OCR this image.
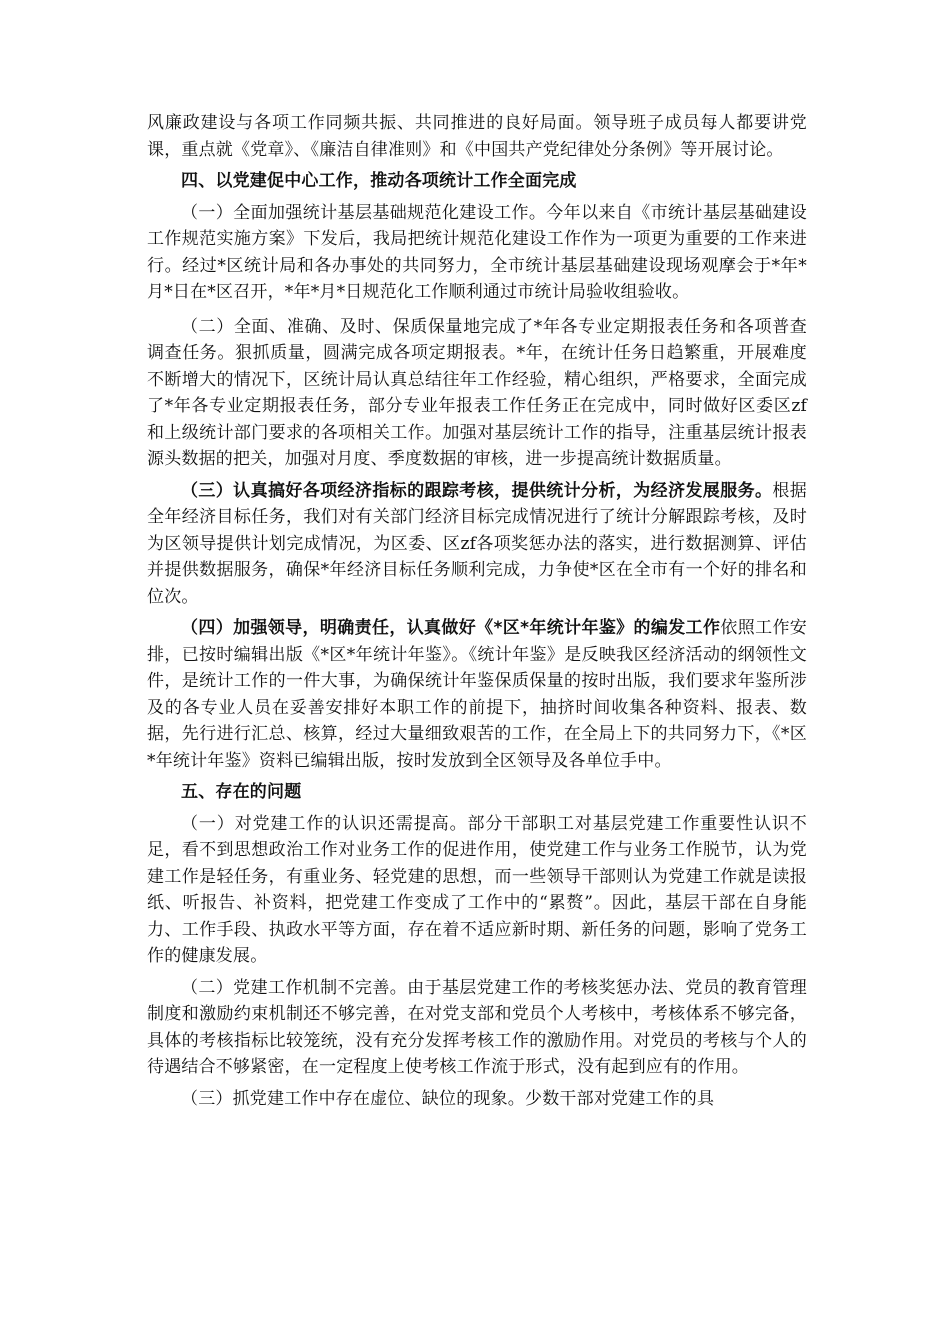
风廉政建设与各项工作同频共振、共同推进的良好局面。领导班子成员每人都要讲党课，重点就《党章》、《廉洁自律准则》和《中国共产党纪律处分条例》等开展讨论。

四、以党建促中心工作，推动各项统计工作全面完成

（一）全面加强统计基层基础规范化建设工作。今年以来自《市统计基层基础建设工作规范实施方案》下发后，我局把统计规范化建设工作作为一项更为重要的工作来进行。经过*区统计局和各办事处的共同努力，全市统计基层基础建设现场观摩会于*年*月*日在*区召开，*年*月*日规范化工作顺利通过市统计局验收组验收。

（二）全面、准确、及时、保质保量地完成了*年各专业定期报表任务和各项普查调查任务。狠抓质量，圆满完成各项定期报表。*年，在统计任务日趋繁重，开展难度不断增大的情况下，区统计局认真总结往年工作经验，精心组织，严格要求，全面完成了*年各专业定期报表任务，部分专业年报表工作任务正在完成中，同时做好区委区zf和上级统计部门要求的各项相关工作。加强对基层统计工作的指导，注重基层统计报表源头数据的把关，加强对月度、季度数据的审核，进一步提高统计数据质量。

（三）认真搞好各项经济指标的跟踪考核，提供统计分析，为经济发展服务。根据全年经济目标任务，我们对有关部门经济目标完成情况进行了统计分解跟踪考核，及时为区领导提供计划完成情况，为区委、区zf各项奖惩办法的落实，进行数据测算、评估并提供数据服务，确保*年经济目标任务顺利完成，力争使*区在全市有一个好的排名和位次。

（四）加强领导，明确责任，认真做好《*区*年统计年鉴》的编发工作依照工作安排，已按时编辑出版《*区*年统计年鉴》。《统计年鉴》是反映我区经济活动的纲领性文件，是统计工作的一件大事，为确保统计年鉴保质保量的按时出版，我们要求年鉴所涉及的各专业人员在妥善安排好本职工作的前提下，抽挤时间收集各种资料、报表、数据，先行进行汇总、核算，经过大量细致艰苦的工作，在全局上下的共同努力下，《*区*年统计年鉴》资料已编辑出版，按时发放到全区领导及各单位手中。

五、存在的问题

（一）对党建工作的认识还需提高。部分干部职工对基层党建工作重要性认识不足，看不到思想政治工作对业务工作的促进作用，使党建工作与业务工作脱节，认为党建工作是轻任务，有重业务、轻党建的思想，而一些领导干部则认为党建工作就是读报纸、听报告、补资料，把党建工作变成了工作中的“累赘”。因此，基层干部在自身能力、工作手段、执政水平等方面，存在着不适应新时期、新任务的问题，影响了党务工作的健康发展。

（二）党建工作机制不完善。由于基层党建工作的考核奖惩办法、党员的教育管理制度和激励约束机制还不够完善，在对党支部和党员个人考核中，考核体系不够完备，具体的考核指标比较笼统，没有充分发挥考核工作的激励作用。对党员的考核与个人的待遇结合不够紧密，在一定程度上使考核工作流于形式，没有起到应有的作用。

（三）抓党建工作中存在虚位、缺位的现象。少数干部对党建工作的具
